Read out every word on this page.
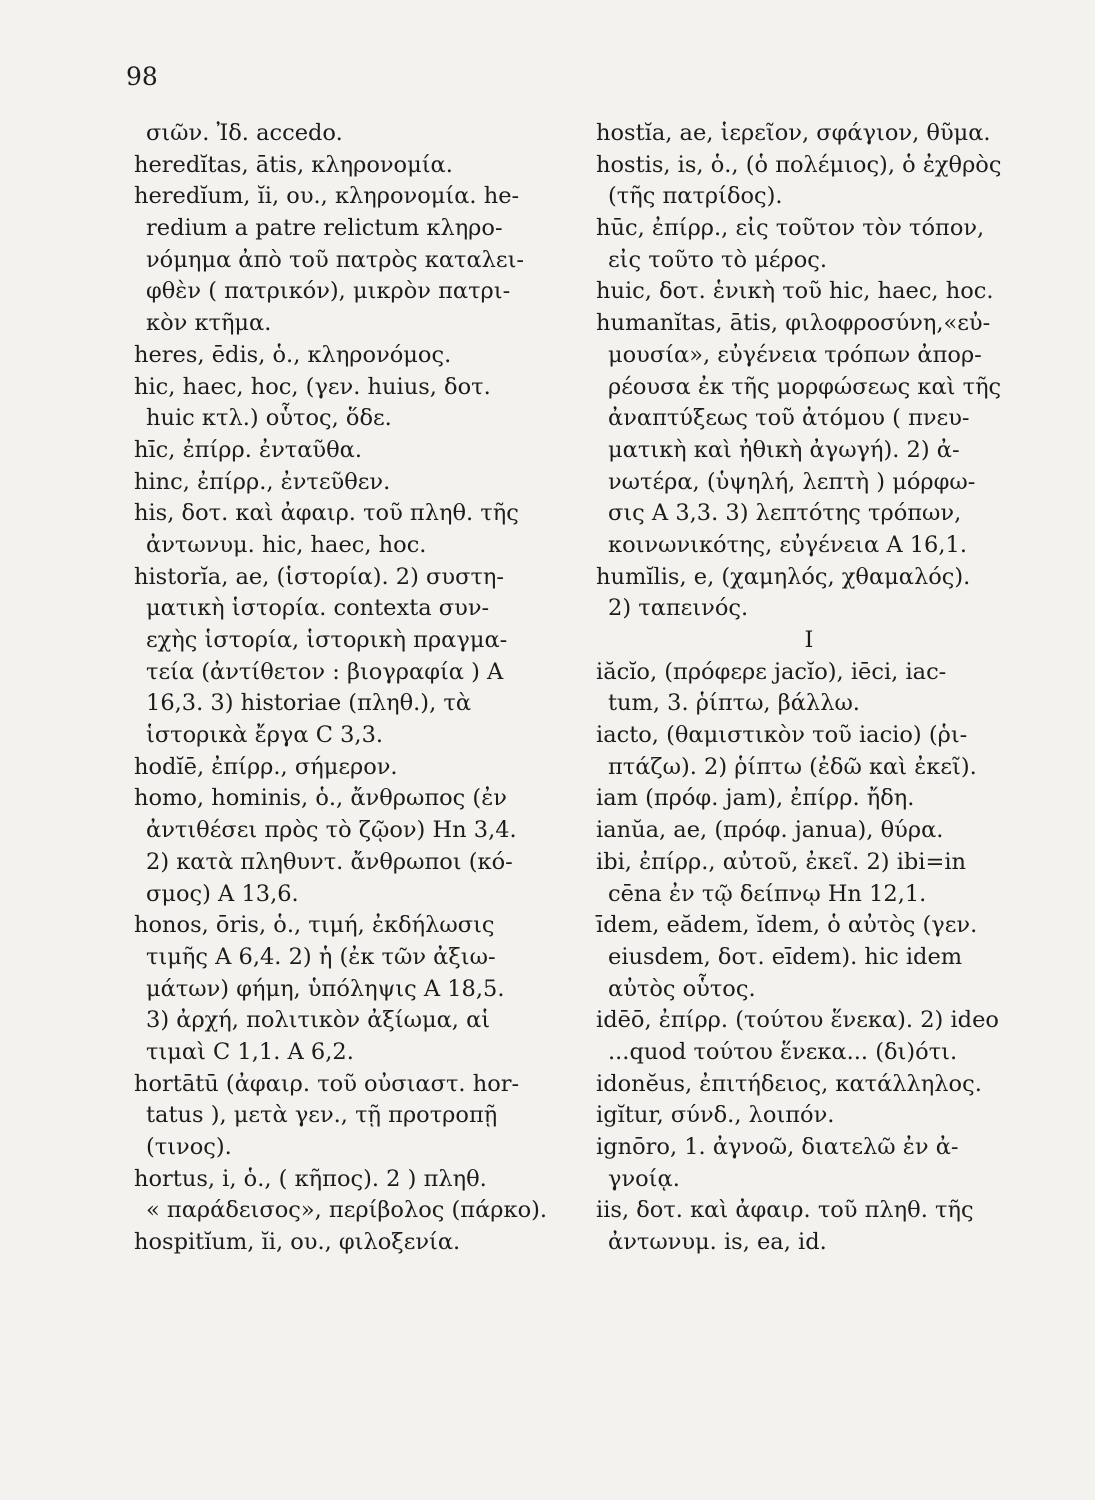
98
σιῶν. Ἰδ. accedo.
heredĭtas, ātis, κληρονομία.
heredĭum, ĭi, ου., κληρονομία. he-
redium a patre relictum κληρο-
νόμημα ἀπὸ τοῦ πατρὸς καταλει-
φθὲν ( πατρικόν), μικρὸν πατρι-
κὸν κτῆμα.
heres, ēdis, ὁ., κληρονόμος.
hic, haec, hoc, (γεν. huius, δοτ.
huic κτλ.) οὗτος, ὅδε.
hīc, ἐπίρρ. ἐνταῦθα.
hinc, ἐπίρρ., ἐντεῦθεν.
his, δοτ. καὶ ἀφαιρ. τοῦ πληθ. τῆς
ἀντωνυμ. hic, haec, hoc.
histоrĭa, ae, (ἱστορία). 2) συστη-
ματικὴ ἱστορία. contexta συν-
εχὴς ἱστορία, ἱστορικὴ πραγμα-
τεία (ἀντίθετον : βιογραφία ) A
16,3. 3) historiae (πληθ.), τὰ
ἱστορικὰ ἔργα C 3,3.
hodĭē, ἐπίρρ., σήμερον.
homo, hominis, ὁ., ἄνθρωπος (ἐν
ἀντιθέσει πρὸς τὸ ζῷον) Hn 3,4.
2) κατὰ πληθυντ. ἄνθρωποι (κό-
σμος) A 13,6.
honos, ōris, ὁ., τιμή, ἐκδήλωσις
τιμῆς A 6,4. 2) ἡ (ἐκ τῶν ἀξιω-
μάτων) φήμη, ὑπόληψις A 18,5.
3) ἀρχή, πολιτικὸν ἀξίωμα, αἱ
τιμαὶ C 1,1. A 6,2.
hortātū (ἀφαιρ. τοῦ οὐσιαστ. hor-
tatus ), μετὰ γεν., τῇ προτροπῇ
(τινος).
hortus, i, ὁ., ( κῆπος). 2 ) πληθ.
« παράδεισος», περίβολος (πάρκο).
hospitĭum, ĭi, ου., φιλοξενία.
hostĭa, ae, ἱερεῖον, σφάγιον, θῦμα.
hostis, is, ὁ., (ὁ πολέμιος), ὁ ἐχθρὸς
(τῆς πατρίδος).
hūc, ἐπίρρ., εἰς τοῦτον τὸν τόπον,
εἰς τοῦτο τὸ μέρος.
huic, δοτ. ἑνικὴ τοῦ hic, haec, hoc.
humanĭtas, ātis, φιλοφροσύνη,«εὐ-
μουσία», εὐγένεια τρόπων ἀπορ-
ρέουσα ἐκ τῆς μορφώσεως καὶ τῆς
ἀναπτύξεως τοῦ ἀτόμου ( πνευ-
ματικὴ καὶ ἠθικὴ ἀγωγή). 2) ἀ-
νωτέρα, (ὑψηλή, λεπτὴ ) μόρφω-
σις A 3,3. 3) λεπτότης τρόπων,
κοινωνικότης, εὐγένεια A 16,1.
humĭlis, e, (χαμηλός, χθαμαλός).
2) ταπεινός.
I
iăcĭo, (πρόφερε jacĭo), iēci, iac-
tum, 3. ῥίπτω, βάλλω.
iacto, (θαμιστικὸν τοῦ iacio) (ῥι-
πτάζω). 2) ῥίπτω (ἐδῶ καὶ ἐκεῖ).
iam (πρόφ. jam), ἐπίρρ. ἤδη.
ianŭa, ae, (πρόφ. janua), θύρα.
ibi, ἐπίρρ., αὐτοῦ, ἐκεῖ. 2) ibi=in
cēna ἐν τῷ δείπνῳ Hn 12,1.
īdem, eădem, ĭdem, ὁ αὐτὸς (γεν.
eiusdem, δοτ. eīdem). hic idem
αὐτὸς οὗτος.
idēō, ἐπίρρ. (τούτου ἕνεκα). 2) ideo
...quod τούτου ἕνεκα... (δι)ότι.
idonĕus, ἐπιτήδειος, κατάλληλος.
igĭtur, σύνδ., λοιπόν.
ignōro, 1. ἀγνοῶ, διατελῶ ἐν ἀ-
γνοίᾳ.
iis, δοτ. καὶ ἀφαιρ. τοῦ πληθ. τῆς
ἀντωνυμ. is, ea, id.
